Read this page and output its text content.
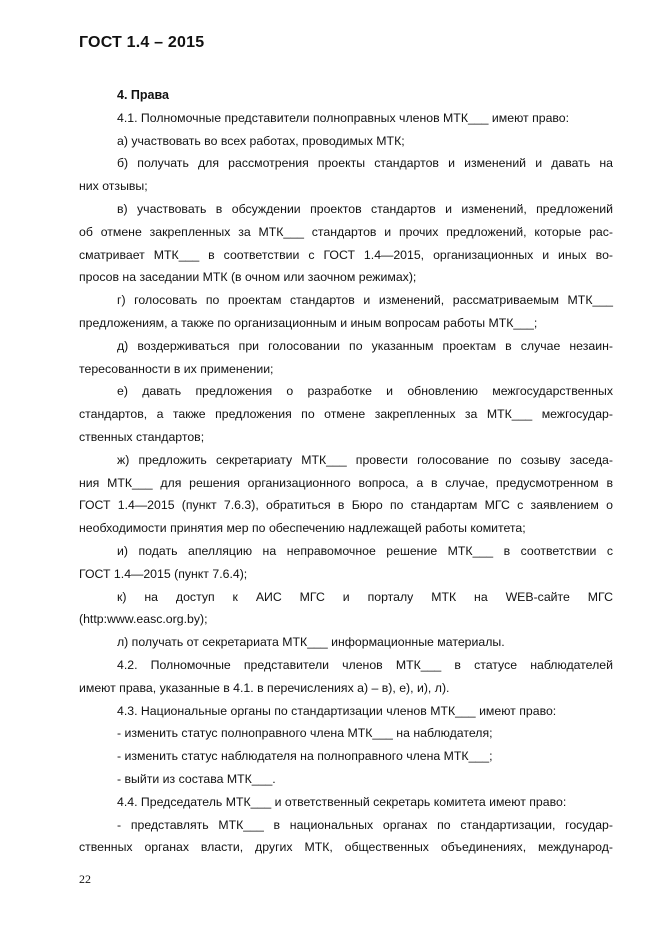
ГОСТ 1.4 – 2015
4. Права
4.1. Полномочные представители полноправных членов МТК___ имеют право:
а) участвовать во всех работах, проводимых МТК;
б) получать для рассмотрения проекты стандартов и изменений и давать на
них отзывы;
в) участвовать в обсуждении проектов стандартов и изменений, предложений
об отмене закрепленных за МТК___ стандартов и прочих предложений, которые рас-
сматривает МТК___ в соответствии с ГОСТ 1.4—2015, организационных и иных во-
просов на заседании МТК (в очном или заочном режимах);
г) голосовать по проектам стандартов и изменений, рассматриваемым МТК___
предложениям, а также по организационным и иным вопросам работы МТК___;
д) воздерживаться при голосовании по указанным проектам в случае незаин-
тересованности в их применении;
е) давать предложения о разработке и обновлению межгосударственных
стандартов, а также предложения по отмене закрепленных за МТК___ межгосудар-
ственных стандартов;
ж) предложить секретариату МТК___ провести голосование по созыву заседа-
ния МТК___ для решения организационного вопроса, а в случае, предусмотренном в
ГОСТ 1.4—2015 (пункт 7.6.3), обратиться в Бюро по стандартам МГС с заявлением о
необходимости принятия мер по обеспечению надлежащей работы комитета;
и) подать апелляцию на неправомочное решение МТК___ в соответствии с
ГОСТ 1.4—2015 (пункт 7.6.4);
к) на доступ к АИС МГС и порталу МТК на WEB-сайте МГС
(http:www.easc.org.by);
л) получать от секретариата МТК___ информационные материалы.
4.2. Полномочные представители членов МТК___ в статусе наблюдателей
имеют права, указанные в 4.1. в перечислениях а) – в), е), и), л).
4.3. Национальные органы по стандартизации членов МТК___ имеют право:
- изменить статус полноправного члена МТК___ на наблюдателя;
- изменить статус наблюдателя на полноправного члена МТК___;
- выйти из состава МТК___.
4.4. Председатель МТК___ и ответственный секретарь комитета имеют право:
- представлять МТК___ в национальных органах по стандартизации, государ-
ственных органах власти, других МТК, общественных объединениях, международ-
22
